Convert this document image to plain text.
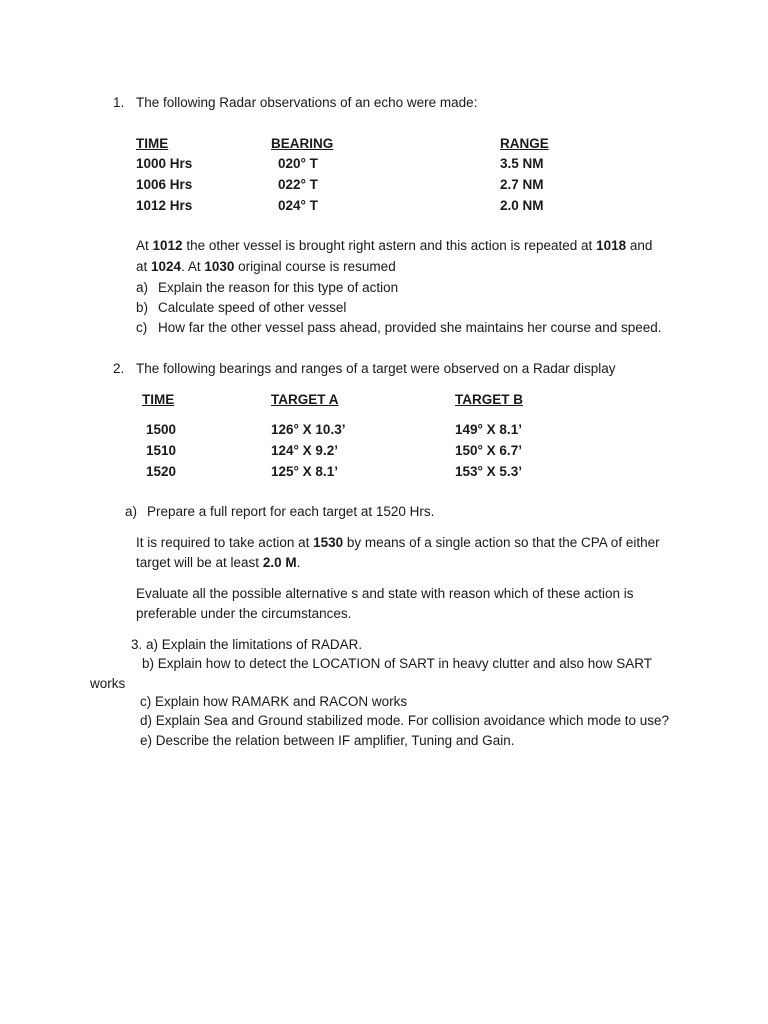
1. The following Radar observations of an echo were made:
TIME	BEARING	RANGE
1000 Hrs	020° T	3.5 NM
1006 Hrs	022° T	2.7 NM
1012 Hrs	024° T	2.0 NM
At 1012 the other vessel is brought right astern and this action is repeated at 1018 and
at 1024. At 1030 original course is resumed
a) Explain the reason for this type of action
b) Calculate speed of other vessel
c) How far the other vessel pass ahead, provided she maintains her course and speed.
2. The following bearings and ranges of a target were observed on a Radar display
TIME	TARGET A	TARGET B
1500	126° X 10.3’	149° X 8.1’
1510	124° X 9.2’	150° X 6.7’
1520	125° X 8.1’	153° X 5.3’
a) Prepare a full report for each target at 1520 Hrs.
It is required to take action at 1530 by means of a single action so that the CPA of either
target will be at least 2.0 M.
Evaluate all the possible alternative s and state with reason which of these action is
preferable under the circumstances.
3. a) Explain the limitations of RADAR.
b) Explain how to detect the LOCATION of SART in heavy clutter and also how SART
works
c) Explain how RAMARK and RACON works
d) Explain Sea and Ground stabilized mode. For collision avoidance which mode to use?
e) Describe the relation between IF amplifier, Tuning and Gain.
